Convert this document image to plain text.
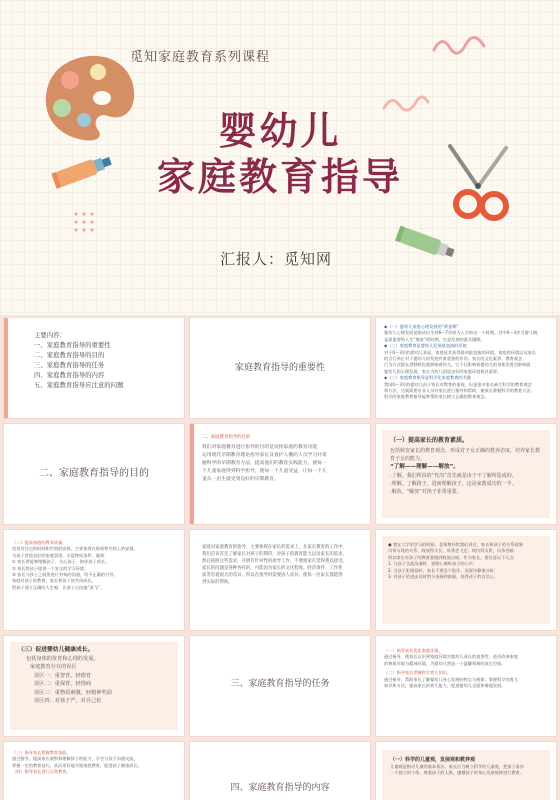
觅知家庭教育系列课程
婴幼儿
家庭教育指导
汇报人：觅知网
主要内容：
一、家庭教育指导的重要性
二、家庭教育指导的目的
三、家庭教育指导的任务
四、家庭教育指导的内容
五、家庭教育指导应注意的问题
家庭教育指导的重要性
◆（一）婴幼儿家庭心理发展的“黄金期”
婴幼儿心理发展是指从出生到6～7岁即为入学前这一个时期。其中0～3岁为婴儿期，
是最重要的人生“奠基”的时期，也是发展的最关键期。
◆（二）家庭教育是婴幼儿发展最直接的环境
对于0～3岁的婴幼儿来说，家庭是其获得最初最直接的环境。家庭的环境以及家长
的言行举止对于婴幼儿的发展有着重要的作用。家长的文化素养、教育观念、
行为方式都在潜移默化地影响着幼儿，它不仅影响着婴幼儿的身体发育也影响着
婴幼儿的心理发展。家长为幼儿创造良好的家庭环境极其重要。
◆（三）家庭教育指导是科学化家庭教育的关键
我国0～3岁的婴幼儿由于家长对教育的重视，但是很多家长缺乏科学的教育理念
和方法，这就需要专业人员对家长进行指导和帮助，使家长掌握科学的教育方法。
科学的家庭教育指导能够帮助家长树立正确的教育观念。
二、家庭教育指导的目的
二、家庭教育指导的目的
我们对家庭教育进行指导的目的是发挥家庭的教育功能，
运用现代早期教育理论指导家长及看护人撒的人员学习并掌
握科学的早期教育方法，提高他们的教育实践能力，使每一
个儿童家庭得到科学指导，使每一个儿童受益，让每一个儿
童从一出生就受到良好的早期教育。
（一）提高家长的教育素质。
包括转变家长的教育观念，形成对子女正确的教养态度，培养家长教育子女的能力。
“了解——理解——解放”。
·了解。我们所说的“代沟”首先就是由于不了解所造成的。
·理解。了解孩子，进而理解孩子，这是家教成功的一半。
·解放。“解放”对孩子非常重要。
（二）提高家庭的教养质量。
包括对住宅的时间和空间的安排，主要体现在时间和空间上的安排。
为孩子营造良好的家庭氛围，丰富物质条件，做到：
① 家长要能够理解孩子，关心孩子，陪伴孩子成长；
② 家长给孩子提供一个安全的学习环境；
③ 家长与孩子之间要进行有效的沟通，给予正确的引导。
家庭对孩子的教育，家长和孩子的共同成长。
给孩子建立正确的人生观，让孩子自由地“放飞”。
家庭对家庭教育的指导，主要体现在家长的需求上，在家长教育的工作中，
我们应该首先了解家长对孩子的期待，对孩子的教育能力以及家长的需求，
然后按照这些需求，开展有针对性的指导工作，不要使家长觉得难以接受。
家长的问题是各种各样的，可能因为家长的文化程度、经济条件、工作性
质等有着很大的差异，所以在指导时需要因人而异，使每一位家长都能得
到实际的帮助。
● 我在大学里学习的时候，老师曾经给我们讲过，家长和孩子的关系就像
风筝与线的关系。线放得太长，风筝会飞走；线拉得太紧，风筝会断。
所以家长对孩子的教育要做到收放自如。作为家长，要注意以下几点：
1. 与孩子交流沟通时，要耐心倾听孩子的心声；
2. 当孩子犯错误时，家长不要急于批评，而要冷静地分析；
3. 对孩子的进步及时给予表扬和鼓励，培养孩子的自信心。
（三）促进婴幼儿健康成长。
包括身体的发育和心理的发展。
家庭教育存在的误区
误区一：重智育，轻德育
误区二：重保育，轻情商
误区三：重物质刺激，轻精神奖励
误区四：对孩子严，对自己松
三、家庭教育指导的任务
（一）指导家长优化家庭环境。
通过指导，使家长认识到家庭环境对婴幼儿成长的重要性，进而改善家庭
的物质环境与精神环境，为婴幼儿营造一个温馨和谐的成长空间。
（二）指导家长掌握科学育儿知识。
通过指导，帮助家长了解婴幼儿身心发展的特点与规律，掌握科学的育儿
知识和方法，提高家长的育儿能力，促进婴幼儿全面和谐地发展。
（三）指导家长掌握教育技能。
通过指导，提高家长观察和理解孩子的能力，学会与孩子沟通交流，
掌握一定的教育技巧，从而更好地开展家庭教育，促进孩子健康成长。
（四）指导家长进行自我教育。
四、家庭教育指导的内容
（一）科学的儿童观，发展观和教养观
儿童观是指对儿童的基本看法。家长应当树立科学的儿童观，把孩子看作
一个独立的个体，尊重孩子的人格，遵循孩子的身心发展规律进行教育。
